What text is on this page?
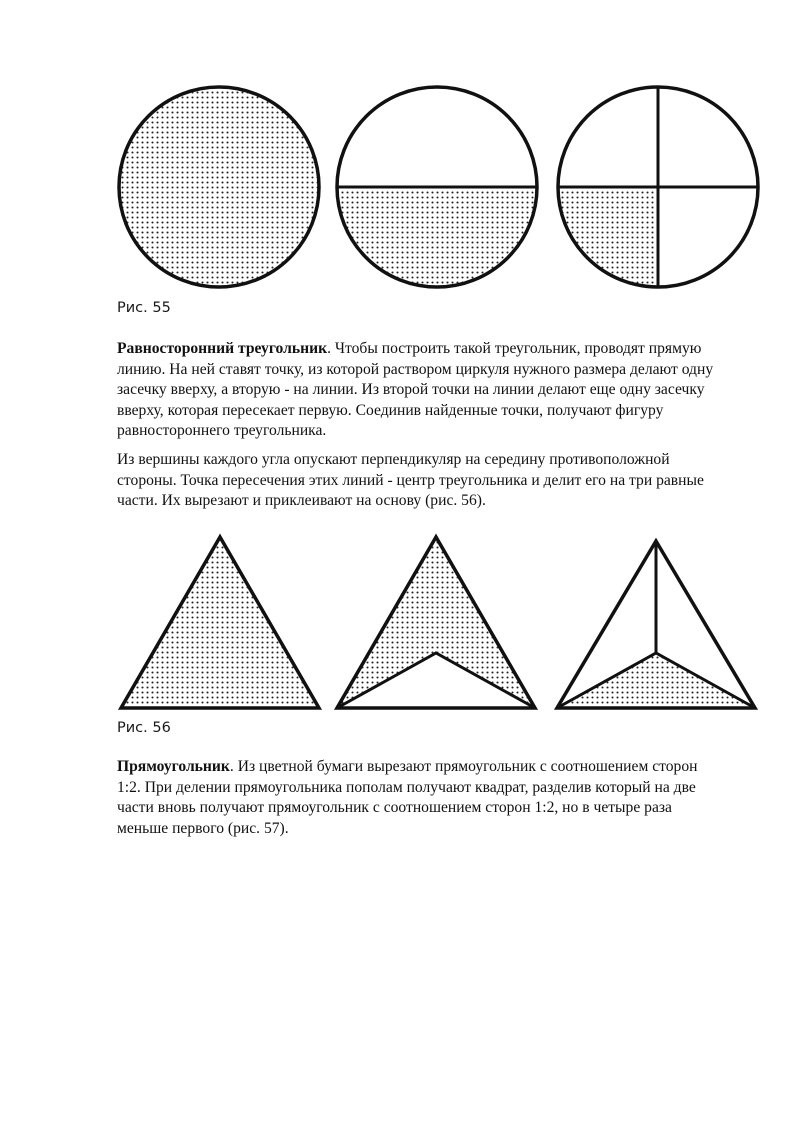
Рис. 55

Равносторонний треугольник. Чтобы построить такой треугольник, проводят прямую
линию. На ней ставят точку, из которой раствором циркуля нужного размера делают одну
засечку вверху, а вторую - на линии. Из второй точки на линии делают еще одну засечку
вверху, которая пересекает первую. Соединив найденные точки, получают фигуру
равностороннего треугольника.

Из вершины каждого угла опускают перпендикуляр на середину противоположной
стороны. Точка пересечения этих линий - центр треугольника и делит его на три равные
части. Их вырезают и приклеивают на основу (рис. 56).

Рис. 56

Прямоугольник. Из цветной бумаги вырезают прямоугольник с соотношением сторон
1:2. При делении прямоугольника пополам получают квадрат, разделив который на две
части вновь получают прямоугольник с соотношением сторон 1:2, но в четыре раза
меньше первого (рис. 57).
